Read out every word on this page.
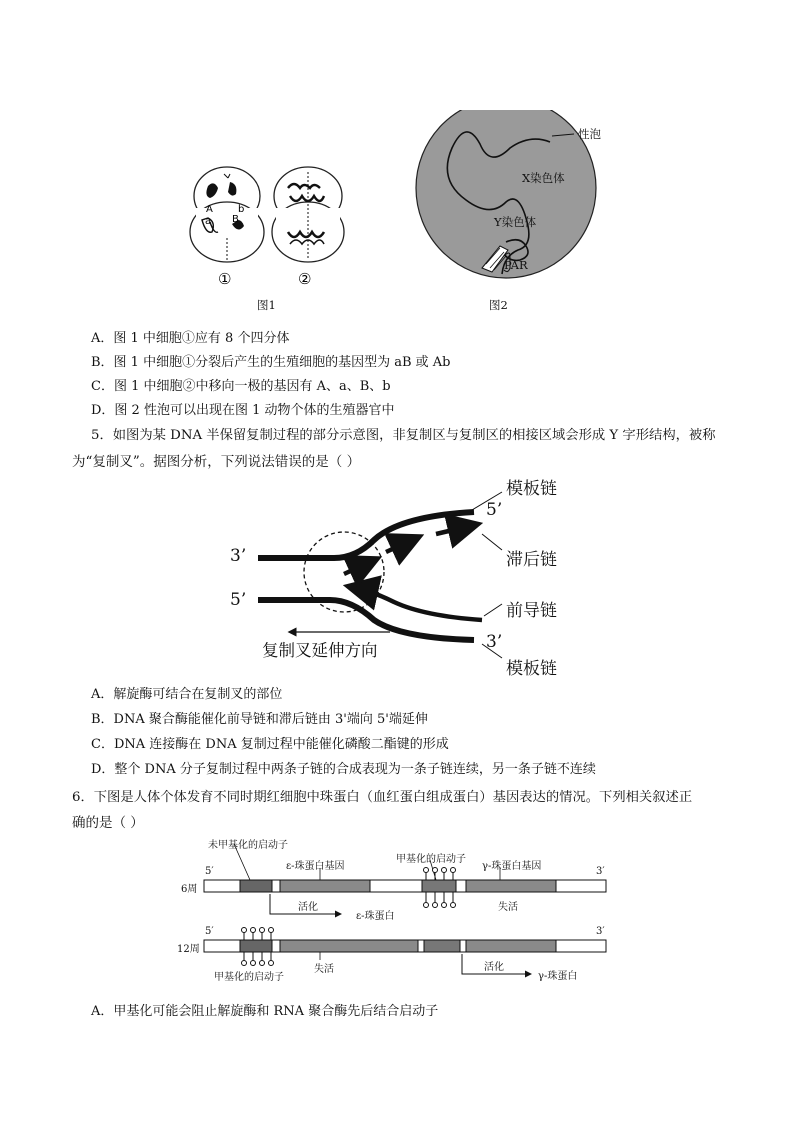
A	b
a B
①	②
图1
性泡
X染色体
Y染色体
PAR
图2
A．图 1 中细胞①应有 8 个四分体
B．图 1 中细胞①分裂后产生的生殖细胞的基因型为 aB 或 Ab
C．图 1 中细胞②中移向一极的基因有 A、a、B、b
D．图 2 性泡可以出现在图 1 动物个体的生殖器官中
5．如图为某 DNA 半保留复制过程的部分示意图，非复制区与复制区的相接区域会形成 Y 字形结构，被称
为“复制叉”。据图分析，下列说法错误的是（ ）
3’
5’
5’
3’
模板链
滞后链
前导链
模板链
复制叉延伸方向
A．解旋酶可结合在复制叉的部位
B．DNA 聚合酶能催化前导链和滞后链由 3'端向 5'端延伸
C．DNA 连接酶在 DNA 复制过程中能催化磷酸二酯键的形成
D．整个 DNA 分子复制过程中两条子链的合成表现为一条子链连续，另一条子链不连续
6．下图是人体个体发育不同时期红细胞中珠蛋白（血红蛋白组成蛋白）基因表达的情况。下列相关叙述正
确的是（ ）
未甲基化的启动子
ε-珠蛋白基因
甲基化的启动子
γ-珠蛋白基因
5′	3′
6周
活化
ε-珠蛋白
失活
5′	3′
12周
甲基化的启动子
失活	活化
γ-珠蛋白
A．甲基化可能会阻止解旋酶和 RNA 聚合酶先后结合启动子
